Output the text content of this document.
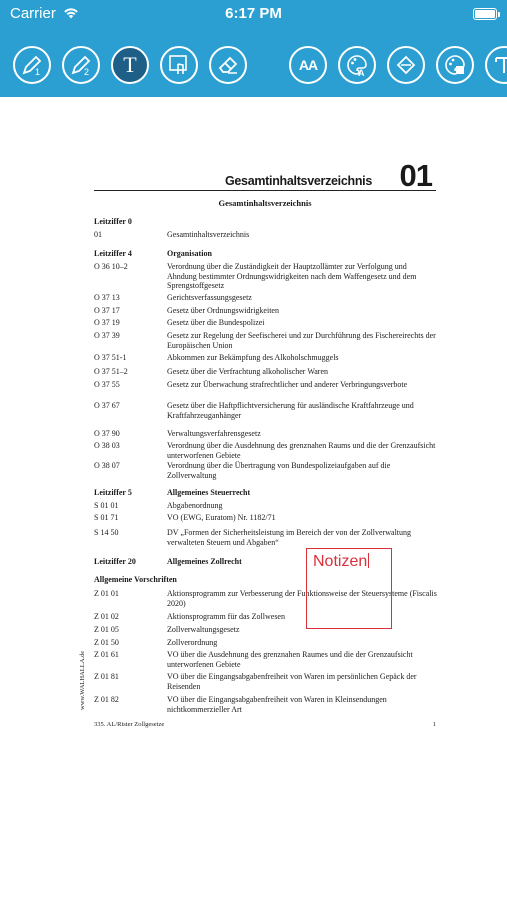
Carrier	6:17 PM
1	2 T	AA	A
Gesamtinhaltsverzeichnis 01
Gesamtinhaltsverzeichnis
Leitziffer 0
01	Gesamtinhaltsverzeichnis
Leitziffer 4	Organisation
O 36 10–2	Verordnung über die Zuständigkeit der Hauptzollämter zur Verfolgung und Ahndung bestimmter Ordnungswidrigkeiten nach dem Waffengesetz und dem Sprengstoffgesetz
O 37 13	Gerichtsverfassungsgesetz
O 37 17	Gesetz über Ordnungswidrigkeiten
O 37 19	Gesetz über die Bundespolizei
O 37 39	Gesetz zur Regelung der Seefischerei und zur Durchführung des Fischereirechts der Europäischen Union
O 37 51-1	Abkommen zur Bekämpfung des Alkoholschmuggels
O 37 51–2	Gesetz über die Verfrachtung alkoholischer Waren
O 37 55	Gesetz zur Überwachung strafrechtlicher und anderer Verbringungsverbote
O 37 67	Gesetz über die Haftpflichtversicherung für ausländische Kraftfahrzeuge und Kraftfahrzeuganhänger
O 37 90	Verwaltungsverfahrensgesetz
O 38 03	Verordnung über die Ausdehnung des grenznahen Raums und die der Grenzaufsicht unterworfenen Gebiete
O 38 07	Verordnung über die Übertragung von Bundespolizeiaufgaben auf die Zollverwaltung
Leitziffer 5	Allgemeines Steuerrecht
S 01 01	Abgabenordnung
S 01 71	VO (EWG, Euratom) Nr. 1182/71
S 14 50	DV „Formen der Sicherheitsleistung im Bereich der von der Zollverwaltung verwalteten Steuern und Abgaben“
Leitziffer 20	Allgemeines Zollrecht
Allgemeine Vorschriften
Z 01 01	Aktionsprogramm zur Verbesserung der Funktionsweise der Steuersysteme (Fiscalis 2020)
Z 01 02	Aktionsprogramm für das Zollwesen
Z 01 05	Zollverwaltungsgesetz
Z 01 50	Zollverordnung
Z 01 61	VO über die Ausdehnung des grenznahen Raumes und die der Grenzaufsicht unterworfenen Gebiete
Z 01 81	VO über die Eingangsabgabenfreiheit von Waren im persönlichen Gepäck der Reisenden
Z 01 82	VO über die Eingangsabgabenfreiheit von Waren in Kleinsendungen nichtkommerzieller Art
335. AL/Rister Zollgesetze	1
www.WALHALLA.de
Notizen
